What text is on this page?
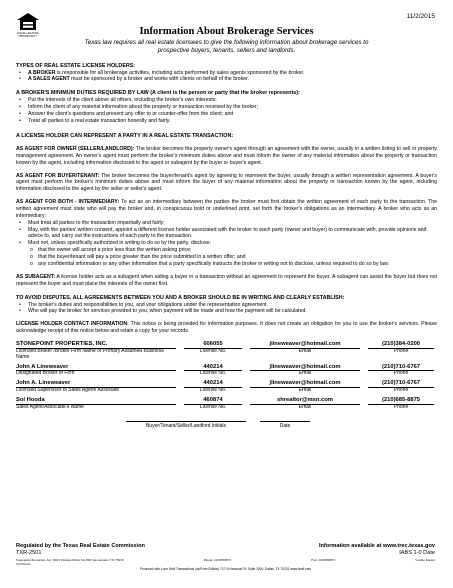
11/2/2015
EQUAL HOUSING OPPORTUNITY	Information About Brokerage Services
Texas law requires all real estate licensees to give the following information about brokerage services to prospective buyers, tenants, sellers and landlords.
TYPES OF REAL ESTATE LICENSE HOLDERS:
• A BROKER is responsible for all brokerage activities, including acts performed by sales agents sponsored by the broker.
• A SALES AGENT must be sponsored by a broker and works with clients on behalf of the broker.
A BROKER'S MINIMUM DUTIES REQUIRED BY LAW (A client is the person or party that the broker represents):
• Put the interests of the client above all others, including the broker's own interests;
• Inform the client of any material information about the property or transaction received by the broker;
• Answer the client's questions and present any offer to or counter-offer from the client; and
• Treat all parties to a real estate transaction honestly and fairly.
A LICENSE HOLDER CAN REPRESENT A PARTY IN A REAL ESTATE TRANSACTION:
AS AGENT FOR OWNER (SELLER/LANDLORD): The broker becomes the property owner's agent through an agreement with the owner, usually in a written listing to sell or property management agreement. An owner's agent must perform the broker's minimum duties above and must inform the owner of any material information about the property or transaction known by the agent, including information disclosed to the agent or subagent by the buyer or buyer's agent.
AS AGENT FOR BUYER/TENANT: The broker becomes the buyer/tenant's agent by agreeing to represent the buyer, usually through a written representation agreement. A buyer's agent must perform the broker's minimum duties above and must inform the buyer of any material information about the property or transaction known by the agent, including information disclosed to the agent by the seller or seller's agent.
AS AGENT FOR BOTH - INTERMEDIARY: To act as an intermediary between the parties the broker must first obtain the written agreement of each party to the transaction. The written agreement must state who will pay the broker and, in conspicuous bold or underlined print, set forth the broker's obligations as an intermediary. A broker who acts as an intermediary:
• Must treat all parties to the transaction impartially and fairly;
• May, with the parties' written consent, appoint a different license holder associated with the broker to each party (owner and buyer) to communicate with, provide opinions and advice to, and carry out the instructions of each party to the transaction.
• Must not, unless specifically authorized in writing to do so by the party, disclose:
o that the owner will accept a price less than the written asking price;
o that the buyer/tenant will pay a price greater than the price submitted in a written offer; and
o any confidential information or any other information that a party specifically instructs the broker in writing not to disclose, unless required to do so by law.
AS SUBAGENT: A license holder acts as a subagent when aiding a buyer in a transaction without an agreement to represent the buyer. A subagent can assist the buyer but does not represent the buyer and must place the interests of the owner first.
TO AVOID DISPUTES, ALL AGREEMENTS BETWEEN YOU AND A BROKER SHOULD BE IN WRITING AND CLEARLY ESTABLISH:
• The broker's duties and responsibilities to you, and your obligations under the representation agreement.
• Who will pay the broker for services provided to you, when payment will be made and how the payment will be calculated.
LICENSE HOLDER CONTACT INFORMATION: This notice is being provided for information purposes. It does not create an obligation for you to use the broker's services. Please acknowledge receipt of this notice below and retain a copy for your records.
STONEPOINT PROPERTIES, INC.
Licensed Broker /Broker Firm Name or Primary Assumed Business Name
606055
License No.
jlineweaver@hotmail.com
Email
(210)384-0200
Phone
John A Lineweaver
Designated Broker of Firm
440214
License No.
jlineweaver@hotmail.com
Email
(210)710-6767
Phone
John A. Lineweaver
Licensed Supervisor of Sales Agent/ Associate
440214
License No.
jlineweaver@hotmail.com
Email
(210)710-6767
Phone
Sol Hooda
Sales Agent/Associate's Name
460874
License No.
shrealtor@msn.com
Email
(210)685-8875
Phone
Buyer/Tenant/Seller/Landlord Initials	Date
Regulated by the Texas Real Estate Commission	Information available at www.trec.texas.gov
TXR-2501	IABS 1-0 Date
Stonepoint Properties, Inc. 8023 Vantage Drive Ste 800 San Antonio TX 78230
Sol Hooda
Phone: 2106858875	Fax: 2106858875	Sophie Kaestn
Produced with Lone Wolf Transactions (zipForm Edition) 717 N Harwood St, Suite 2200, Dallas, TX 75201 www.lwolf.com
